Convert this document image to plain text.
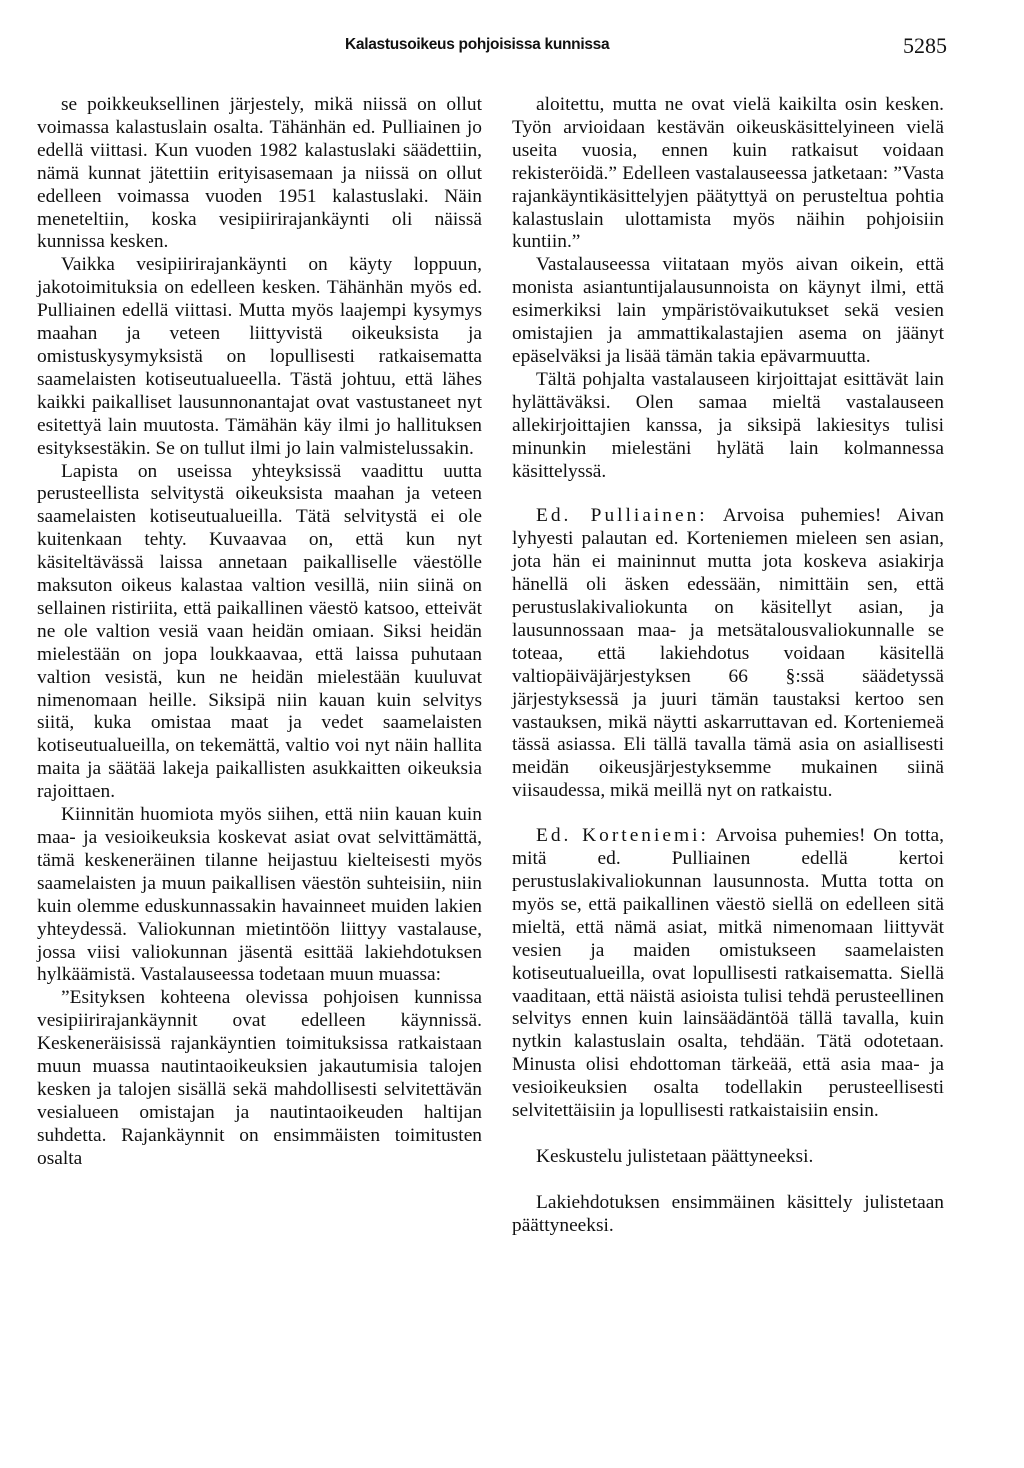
Kalastusoikeus pohjoisissa kunnissa	5285

se poikkeuksellinen järjestely, mikä niissä on ollut voimassa kalastuslain osalta. Tähänhän ed. Pulliainen jo edellä viittasi. Kun vuoden 1982 kalastuslaki säädettiin, nämä kunnat jätettiin erityisasemaan ja niissä on ollut edelleen voimassa vuoden 1951 kalastuslaki. Näin meneteltiin, koska vesipiirirajankäynti oli näissä kunnissa kesken.

Vaikka vesipiirirajankäynti on käyty loppuun, jakotoimituksia on edelleen kesken. Tähänhän myös ed. Pulliainen edellä viittasi. Mutta myös laajempi kysymys maahan ja veteen liittyvistä oikeuksista ja omistuskysymyksistä on lopullisesti ratkaisematta saamelaisten kotiseutualueella. Tästä johtuu, että lähes kaikki paikalliset lausunnonantajat ovat vastustaneet nyt esitettyä lain muutosta. Tämähän käy ilmi jo hallituksen esityksestäkin. Se on tullut ilmi jo lain valmistelussakin.

Lapista on useissa yhteyksissä vaadittu uutta perusteellista selvitystä oikeuksista maahan ja veteen saamelaisten kotiseutualueilla. Tätä selvitystä ei ole kuitenkaan tehty. Kuvaavaa on, että kun nyt käsiteltävässä laissa annetaan paikalliselle väestölle maksuton oikeus kalastaa valtion vesillä, niin siinä on sellainen ristiriita, että paikallinen väestö katsoo, etteivät ne ole valtion vesiä vaan heidän omiaan. Siksi heidän mielestään on jopa loukkaavaa, että laissa puhutaan valtion vesistä, kun ne heidän mielestään kuuluvat nimenomaan heille. Siksipä niin kauan kuin selvitys siitä, kuka omistaa maat ja vedet saamelaisten kotiseutualueilla, on tekemättä, valtio voi nyt näin hallita maita ja säätää lakeja paikallisten asukkaitten oikeuksia rajoittaen.

Kiinnitän huomiota myös siihen, että niin kauan kuin maa- ja vesioikeuksia koskevat asiat ovat selvittämättä, tämä keskeneräinen tilanne heijastuu kielteisesti myös saamelaisten ja muun paikallisen väestön suhteisiin, niin kuin olemme eduskunnassakin havainneet muiden lakien yhteydessä. Valiokunnan mietintöön liittyy vastalause, jossa viisi valiokunnan jäsentä esittää lakiehdotuksen hylkäämistä. Vastalauseessa todetaan muun muassa:

”Esityksen kohteena olevissa pohjoisen kunnissa vesipiirirajankäynnit ovat edelleen käynnissä. Keskeneräisissä rajankäyntien toimituksissa ratkaistaan muun muassa nautintaoikeuksien jakautumisia talojen kesken ja talojen sisällä sekä mahdollisesti selvitettävän vesialueen omistajan ja nautintaoikeuden haltijan suhdetta. Rajankäynnit on ensimmäisten toimitusten osalta

aloitettu, mutta ne ovat vielä kaikilta osin kesken. Työn arvioidaan kestävän oikeuskäsittelyineen vielä useita vuosia, ennen kuin ratkaisut voidaan rekisteröidä.” Edelleen vastalauseessa jatketaan: ”Vasta rajankäyntikäsittelyjen päätyttyä on perusteltua pohtia kalastuslain ulottamista myös näihin pohjoisiin kuntiin.”

Vastalauseessa viitataan myös aivan oikein, että monista asiantuntijalausunnoista on käynyt ilmi, että esimerkiksi lain ympäristövaikutukset sekä vesien omistajien ja ammattikalastajien asema on jäänyt epäselväksi ja lisää tämän takia epävarmuutta.

Tältä pohjalta vastalauseen kirjoittajat esittävät lain hylättäväksi. Olen samaa mieltä vastalauseen allekirjoittajien kanssa, ja siksipä lakiesitys tulisi minunkin mielestäni hylätä lain kolmannessa käsittelyssä.

Ed. Pulliainen: Arvoisa puhemies! Aivan lyhyesti palautan ed. Korteniemen mieleen sen asian, jota hän ei maininnut mutta jota koskeva asiakirja hänellä oli äsken edessään, nimittäin sen, että perustuslakivaliokunta on käsitellyt asian, ja lausunnossaan maa- ja metsätalousvaliokunnalle se toteaa, että lakiehdotus voidaan käsitellä valtiopäiväjärjestyksen 66 §:ssä säädetyssä järjestyksessä ja juuri tämän taustaksi kertoo sen vastauksen, mikä näytti askarruttavan ed. Korteniemeä tässä asiassa. Eli tällä tavalla tämä asia on asiallisesti meidän oikeusjärjestyksemme mukainen siinä viisaudessa, mikä meillä nyt on ratkaistu.

Ed. Korteniemi: Arvoisa puhemies! On totta, mitä ed. Pulliainen edellä kertoi perustuslakivaliokunnan lausunnosta. Mutta totta on myös se, että paikallinen väestö siellä on edelleen sitä mieltä, että nämä asiat, mitkä nimenomaan liittyvät vesien ja maiden omistukseen saamelaisten kotiseutualueilla, ovat lopullisesti ratkaisematta. Siellä vaaditaan, että näistä asioista tulisi tehdä perusteellinen selvitys ennen kuin lainsäädäntöä tällä tavalla, kuin nytkin kalastuslain osalta, tehdään. Tätä odotetaan. Minusta olisi ehdottoman tärkeää, että asia maa- ja vesioikeuksien osalta todellakin perusteellisesti selvitettäisiin ja lopullisesti ratkaistaisiin ensin.

Keskustelu julistetaan päättyneeksi.

Lakiehdotuksen ensimmäinen käsittely julistetaan päättyneeksi.
